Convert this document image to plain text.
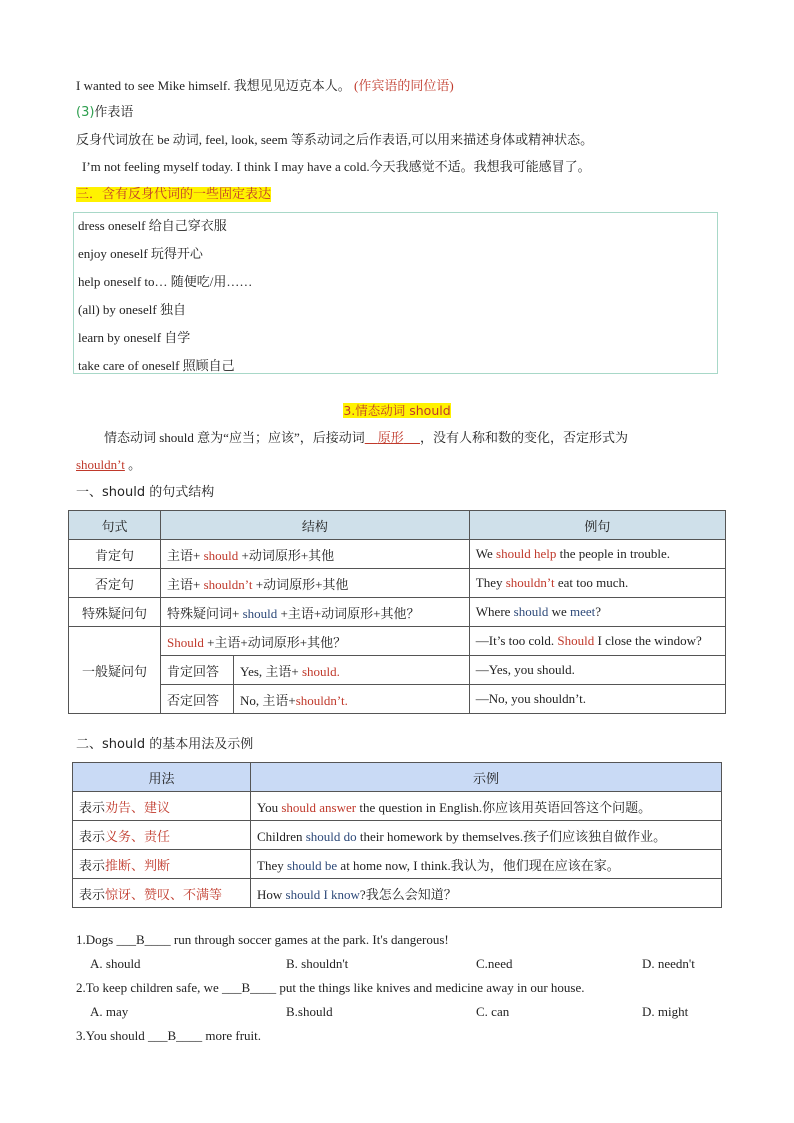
I wanted to see Mike himself. 我想见见迈克本人。 (作宾语的同位语)
(3)作表语
反身代词放在 be 动词, feel, look, seem 等系动词之后作表语,可以用来描述身体或精神状态。
I’m not feeling myself today. I think I may have a cold.今天我感觉不适。我想我可能感冒了。
三．含有反身代词的一些固定表达
dress oneself 给自己穿衣服
enjoy oneself 玩得开心
help oneself to… 随便吃/用……
(all) by oneself 独自
learn by oneself 自学
take care of oneself 照顾自己
3.情态动词 should
情态动词 should 意为“应当；应该”，后接动词 原形 ，没有人称和数的变化，否定形式为
shouldn’t 。
一、should 的句式结构
句式	结构		例句
肯定句	主语+ should +动词原形+其他		We should help the people in trouble.
否定句	主语+ shouldn’t +动词原形+其他		They shouldn’t eat too much.
特殊疑问句	特殊疑问词+ should +主语+动词原形+其他？		Where should we meet?
一般疑问句	Should +主语+动词原形+其他？		—It’s too cold. Should I close the window?
	肯定回答	Yes, 主语+ should.	—Yes, you should.
	否定回答	No, 主语+shouldn’t.	—No, you shouldn’t.
二、should 的基本用法及示例
用法	示例
表示劝告、建议	You should answer the question in English.你应该用英语回答这个问题。
表示义务、责任	Children should do their homework by themselves.孩子们应该独自做作业。
表示推断、判断	They should be at home now, I think.我认为，他们现在应该在家。
表示惊讶、赞叹、不满等	How should I know?我怎么会知道？
1.Dogs ___B____ run through soccer games at the park. It's dangerous!
A. should	B. shouldn't	C.need	D. needn't
2.To keep children safe, we ___B____ put the things like knives and medicine away in our house.
A. may	B.should	C. can	D. might
3.You should ___B____ more fruit.
